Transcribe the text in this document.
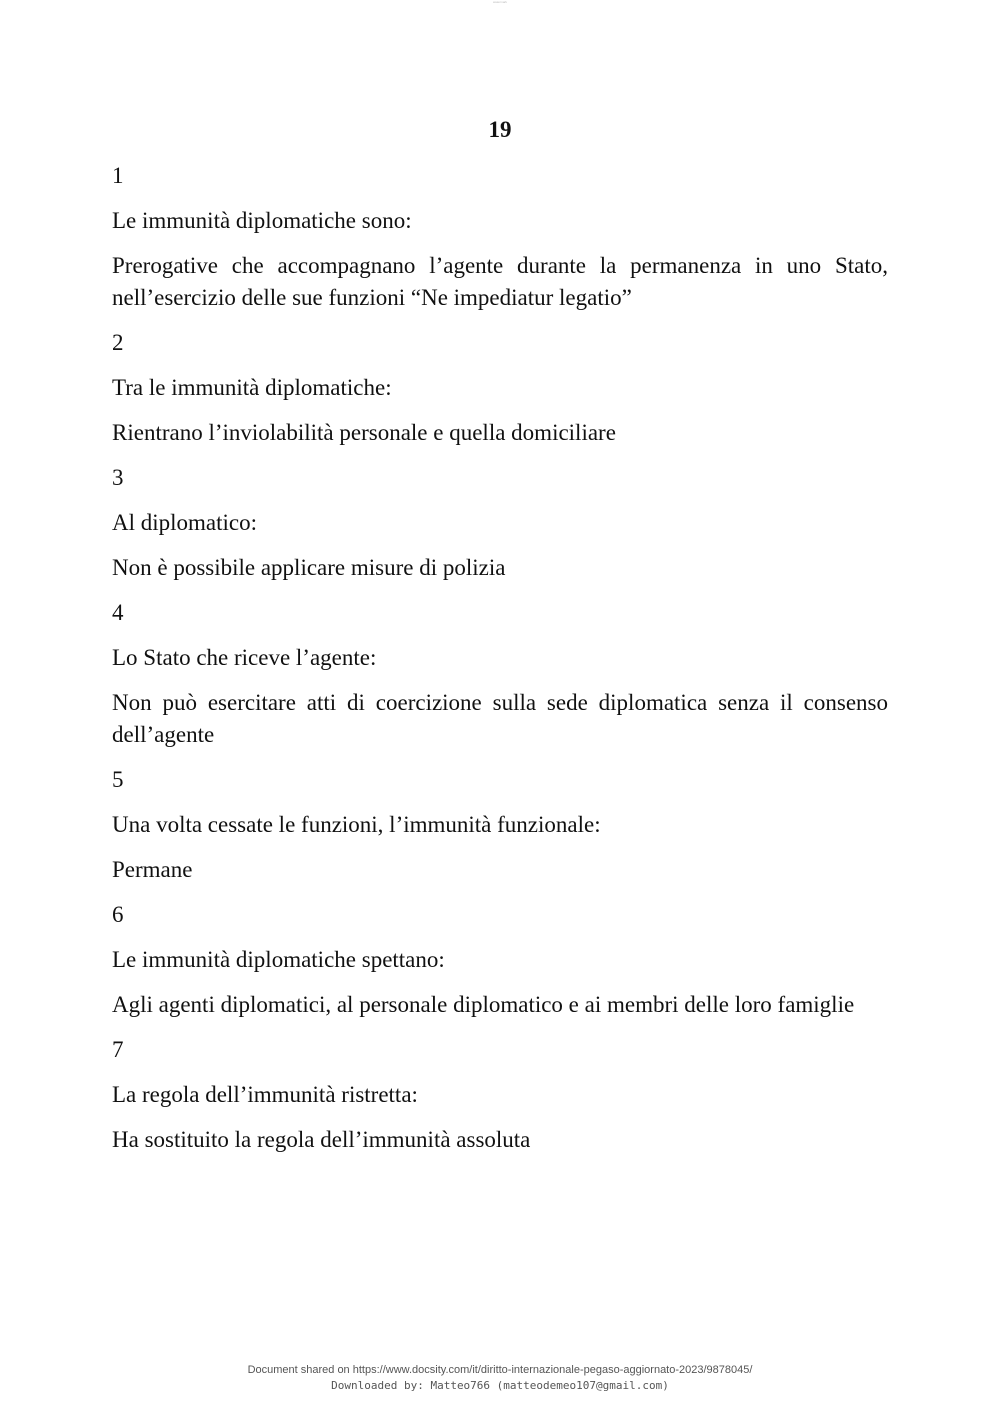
watermark
19

1

Le immunità diplomatiche sono:

Prerogative che accompagnano l’agente durante la permanenza in uno Stato, nell’esercizio delle sue funzioni “Ne impediatur legatio”

2

Tra le immunità diplomatiche:

Rientrano l’inviolabilità personale e quella domiciliare

3

Al diplomatico:

Non è possibile applicare misure di polizia

4

Lo Stato che riceve l’agente:

Non può esercitare atti di coercizione sulla sede diplomatica senza il consenso dell’agente

5

Una volta cessate le funzioni, l’immunità funzionale:

Permane

6

Le immunità diplomatiche spettano:

Agli agenti diplomatici, al personale diplomatico e ai membri delle loro famiglie

7

La regola dell’immunità ristretta:

Ha sostituito la regola dell’immunità assoluta

Document shared on https://www.docsity.com/it/diritto-internazionale-pegaso-aggiornato-2023/9878045/
Downloaded by: Matteo766 (matteodemeo107@gmail.com)
